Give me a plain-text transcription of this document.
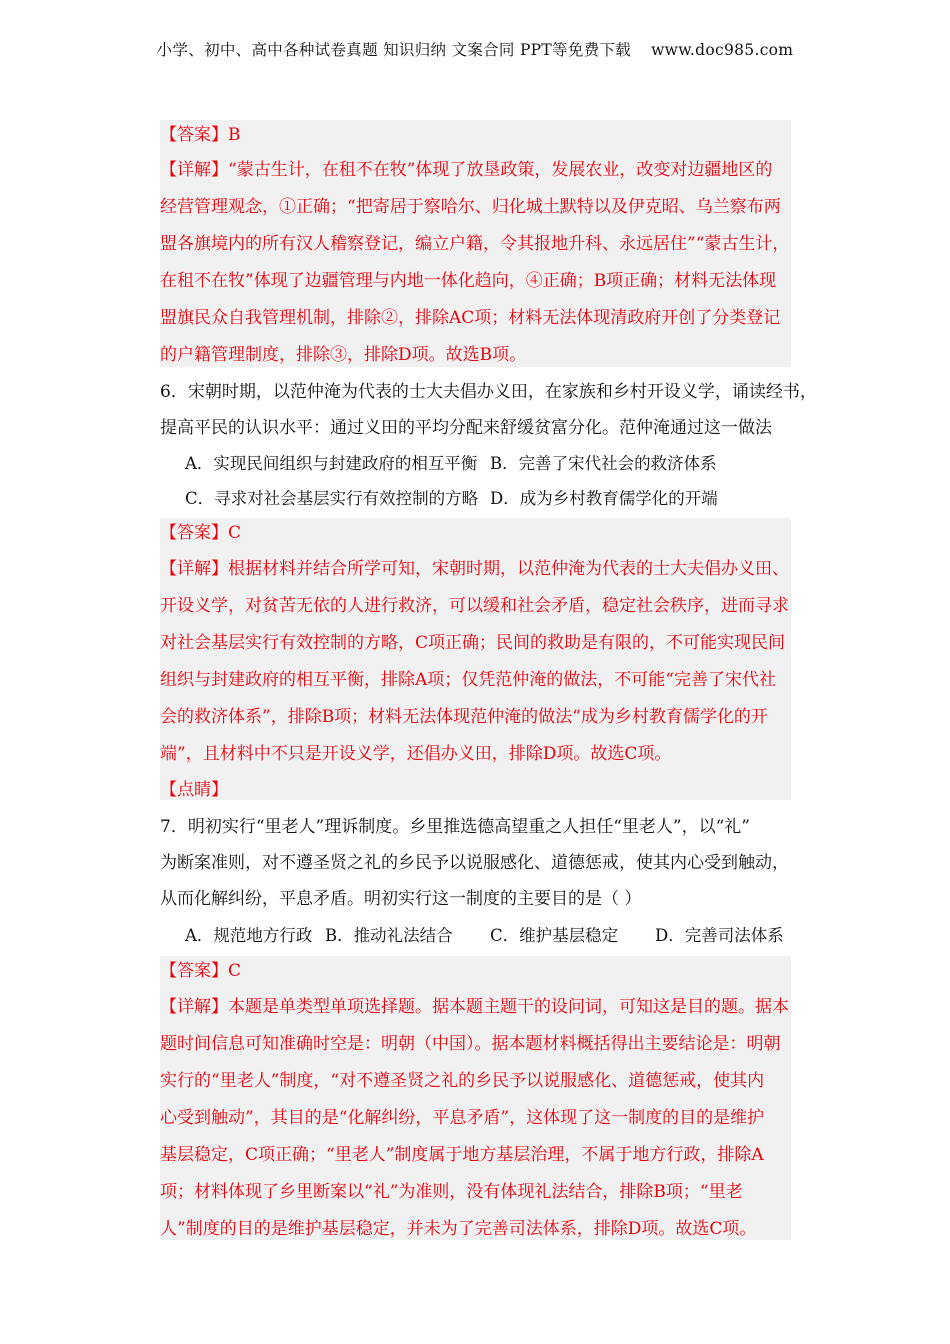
小学、初中、高中各种试卷真题 知识归纳 文案合同 PPT等免费下载 www.doc985.com
【答案】B
【详解】“蒙古生计，在租不在牧”体现了放垦政策，发展农业，改变对边疆地区的
经营管理观念，①正确；“把寄居于察哈尔、归化城土默特以及伊克昭、乌兰察布两
盟各旗境内的所有汉人稽察登记，编立户籍，令其报地升科、永远居住”“蒙古生计，
在租不在牧”体现了边疆管理与内地一体化趋向，④正确；B项正确；材料无法体现
盟旗民众自我管理机制，排除②，排除AC项；材料无法体现清政府开创了分类登记
的户籍管理制度，排除③，排除D项。故选B项。
6．宋朝时期，以范仲淹为代表的士大夫倡办义田，在家族和乡村开设义学，诵读经书，
提高平民的认识水平：通过义田的平均分配来舒缓贫富分化。范仲淹通过这一做法
A．实现民间组织与封建政府的相互平衡 B．完善了宋代社会的救济体系
C．寻求对社会基层实行有效控制的方略 D．成为乡村教育儒学化的开端
【答案】C
【详解】根据材料并结合所学可知，宋朝时期，以范仲淹为代表的士大夫倡办义田、
开设义学，对贫苦无依的人进行救济，可以缓和社会矛盾，稳定社会秩序，进而寻求
对社会基层实行有效控制的方略，C项正确；民间的救助是有限的，不可能实现民间
组织与封建政府的相互平衡，排除A项；仅凭范仲淹的做法，不可能“完善了宋代社
会的救济体系”，排除B项；材料无法体现范仲淹的做法“成为乡村教育儒学化的开
端”，且材料中不只是开设义学，还倡办义田，排除D项。故选C项。
【点睛】
7．明初实行“里老人”理诉制度。乡里推选德高望重之人担任“里老人”，以“礼”
为断案准则，对不遵圣贤之礼的乡民予以说服感化、道德惩戒，使其内心受到触动，
从而化解纠纷，平息矛盾。明初实行这一制度的主要目的是（ ）
A．规范地方行政 B．推动礼法结合 C．维护基层稳定 D．完善司法体系
【答案】C
【详解】本题是单类型单项选择题。据本题主题干的设问词，可知这是目的题。据本
题时间信息可知准确时空是：明朝（中国）。据本题材料概括得出主要结论是：明朝
实行的“里老人”制度，“对不遵圣贤之礼的乡民予以说服感化、道德惩戒，使其内
心受到触动”，其目的是“化解纠纷，平息矛盾”，这体现了这一制度的目的是维护
基层稳定，C项正确；“里老人”制度属于地方基层治理，不属于地方行政，排除A
项；材料体现了乡里断案以“礼”为准则，没有体现礼法结合，排除B项；“里老
人”制度的目的是维护基层稳定，并未为了完善司法体系，排除D项。故选C项。
